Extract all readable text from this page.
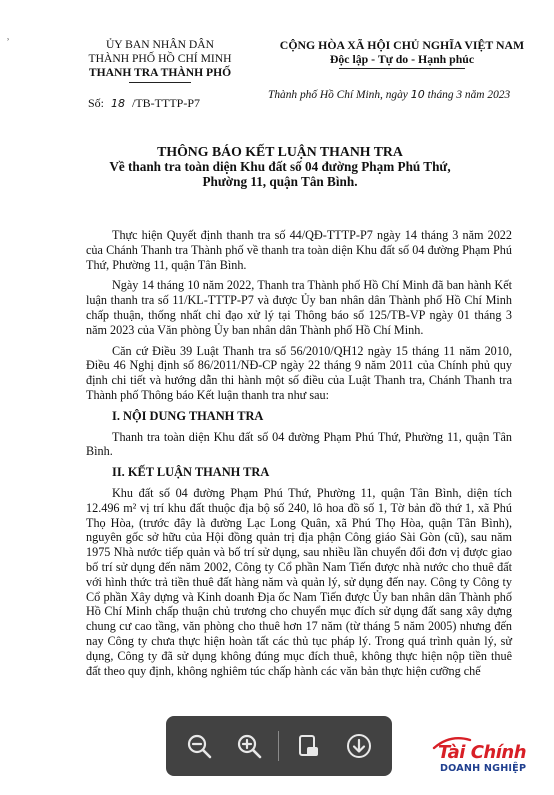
˒
ỦY BAN NHÂN DÂN
THÀNH PHỐ HỒ CHÍ MINH
THANH TRA THÀNH PHỐ
CỘNG HÒA XÃ HỘI CHỦ NGHĨA VIỆT NAM
Độc lập - Tự do - Hạnh phúc
Số: 18 /TB-TTTP-P7
Thành phố Hồ Chí Minh, ngày 10 tháng 3 năm 2023
THÔNG BÁO KẾT LUẬN THANH TRA
Về thanh tra toàn diện Khu đất số 04 đường Phạm Phú Thứ,
Phường 11, quận Tân Bình.

Thực hiện Quyết định thanh tra số 44/QĐ-TTTP-P7 ngày 14 tháng 3 năm 2022 của Chánh Thanh tra Thành phố về thanh tra toàn diện Khu đất số 04 đường Phạm Phú Thứ, Phường 11, quận Tân Bình.

Ngày 14 tháng 10 năm 2022, Thanh tra Thành phố Hồ Chí Minh đã ban hành Kết luận thanh tra số 11/KL-TTTP-P7 và được Ủy ban nhân dân Thành phố Hồ Chí Minh chấp thuận, thống nhất chỉ đạo xử lý tại Thông báo số 125/TB-VP ngày 01 tháng 3 năm 2023 của Văn phòng Ủy ban nhân dân Thành phố Hồ Chí Minh.

Căn cứ Điều 39 Luật Thanh tra số 56/2010/QH12 ngày 15 tháng 11 năm 2010, Điều 46 Nghị định số 86/2011/NĐ-CP ngày 22 tháng 9 năm 2011 của Chính phủ quy định chi tiết và hướng dẫn thi hành một số điều của Luật Thanh tra, Chánh Thanh tra Thành phố Thông báo Kết luận thanh tra như sau:

I. NỘI DUNG THANH TRA

Thanh tra toàn diện Khu đất số 04 đường Phạm Phú Thứ, Phường 11, quận Tân Bình.

II. KẾT LUẬN THANH TRA

Khu đất số 04 đường Phạm Phú Thứ, Phường 11, quận Tân Bình, diện tích 12.496 m² vị trí khu đất thuộc địa bộ số 240, lô hoa đồ số 1, Tờ bản đồ thứ 1, xã Phú Thọ Hòa, (trước đây là đường Lạc Long Quân, xã Phú Thọ Hòa, quận Tân Bình), nguyên gốc sở hữu của Hội đồng quản trị địa phận Công giáo Sài Gòn (cũ), sau năm 1975 Nhà nước tiếp quản và bố trí sử dụng, sau nhiều lần chuyển đổi đơn vị được giao bố trí sử dụng đến năm 2002, Công ty Cổ phần Nam Tiến được nhà nước cho thuê đất với hình thức trả tiền thuê đất hàng năm và quản lý, sử dụng đến nay. Công ty Công ty Cổ phần Xây dựng và Kinh doanh Địa ốc Nam Tiến được Ủy ban nhân dân Thành phố Hồ Chí Minh chấp thuận chủ trương cho chuyển mục đích sử dụng đất sang xây dựng chung cư cao tầng, văn phòng cho thuê hơn 17 năm (từ tháng 5 năm 2005) nhưng đến nay Công ty chưa thực hiện hoàn tất các thủ tục pháp lý. Trong quá trình quản lý, sử dụng, Công ty đã sử dụng không đúng mục đích thuê, không thực hiện nộp tiền thuê đất theo quy định, không nghiêm túc chấp hành các văn bản thực hiện cưỡng chế

Tài Chính
DOANH NGHIỆP
